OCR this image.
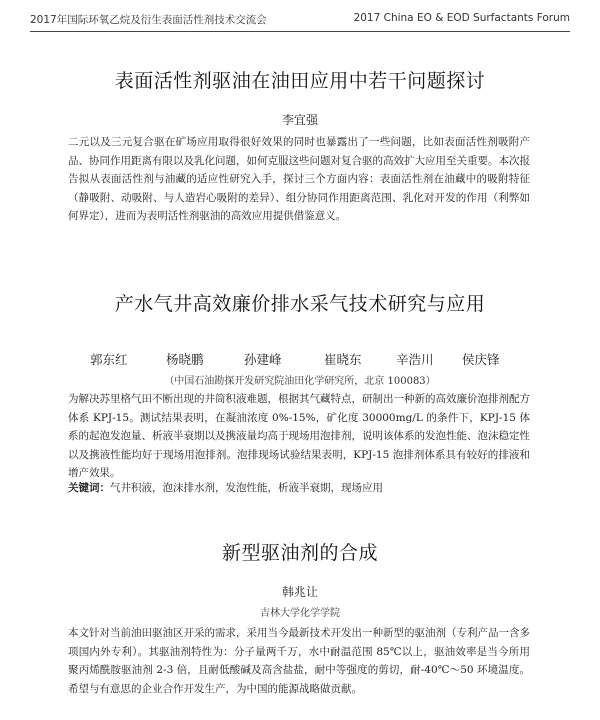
2017年国际环氧乙烷及衍生表面活性剂技术交流会	2017 China EO & EOD Surfactants Forum
表面活性剂驱油在油田应用中若干问题探讨
李宜强

二元以及三元复合驱在矿场应用取得很好效果的同时也暴露出了一些问题，比如表面活性剂吸附产品、协同作用距离有限以及乳化问题，如何克服这些问题对复合驱的高效扩大应用至关重要。本次报告拟从表面活性剂与油藏的适应性研究入手，探讨三个方面内容：表面活性剂在油藏中的吸附特征（静吸附、动吸附、与人造岩心吸附的差异）、组分协同作用距离范围、乳化对开发的作用（利弊如何界定），进而为表明活性剂驱油的高效应用提供借鉴意义。

产水气井高效廉价排水采气技术研究与应用
郭东红	杨晓鹏	孙建峰	崔晓东	辛浩川 侯庆锋
（中国石油勘探开发研究院油田化学研究所，北京 100083）

为解决苏里格气田不断出现的井筒积液难题，根据其气藏特点，研制出一种新的高效廉价泡排剂配方体系 KPJ-15。测试结果表明，在凝油浓度 0%-15%，矿化度 30000mg/L 的条件下，KPJ-15 体系的起泡发泡量、析液半衰期以及携液量均高于现场用泡排剂，说明该体系的发泡性能、泡沫稳定性以及携液性能均好于现场用泡排剂。泡排现场试验结果表明，KPJ-15 泡排剂体系具有较好的排液和增产效果。

关键词：气井积液，泡沫排水剂，发泡性能，析液半衰期，现场应用
新型驱油剂的合成
韩兆让
吉林大学化学学院

本文针对当前油田驱油区开采的需求，采用当今最新技术开发出一种新型的驱油剂（专利产品一含多项国内外专利）。其驱油剂特性为：分子量两千万，水中耐温范围 85℃以上，驱油效率是当今所用聚丙烯酰胺驱油剂 2-3 倍，且耐低酸碱及高含盐盐，耐中等强度的剪切，耐-40℃～50 环境温度。希望与有意思的企业合作开发生产，为中国的能源战略做贡献。
